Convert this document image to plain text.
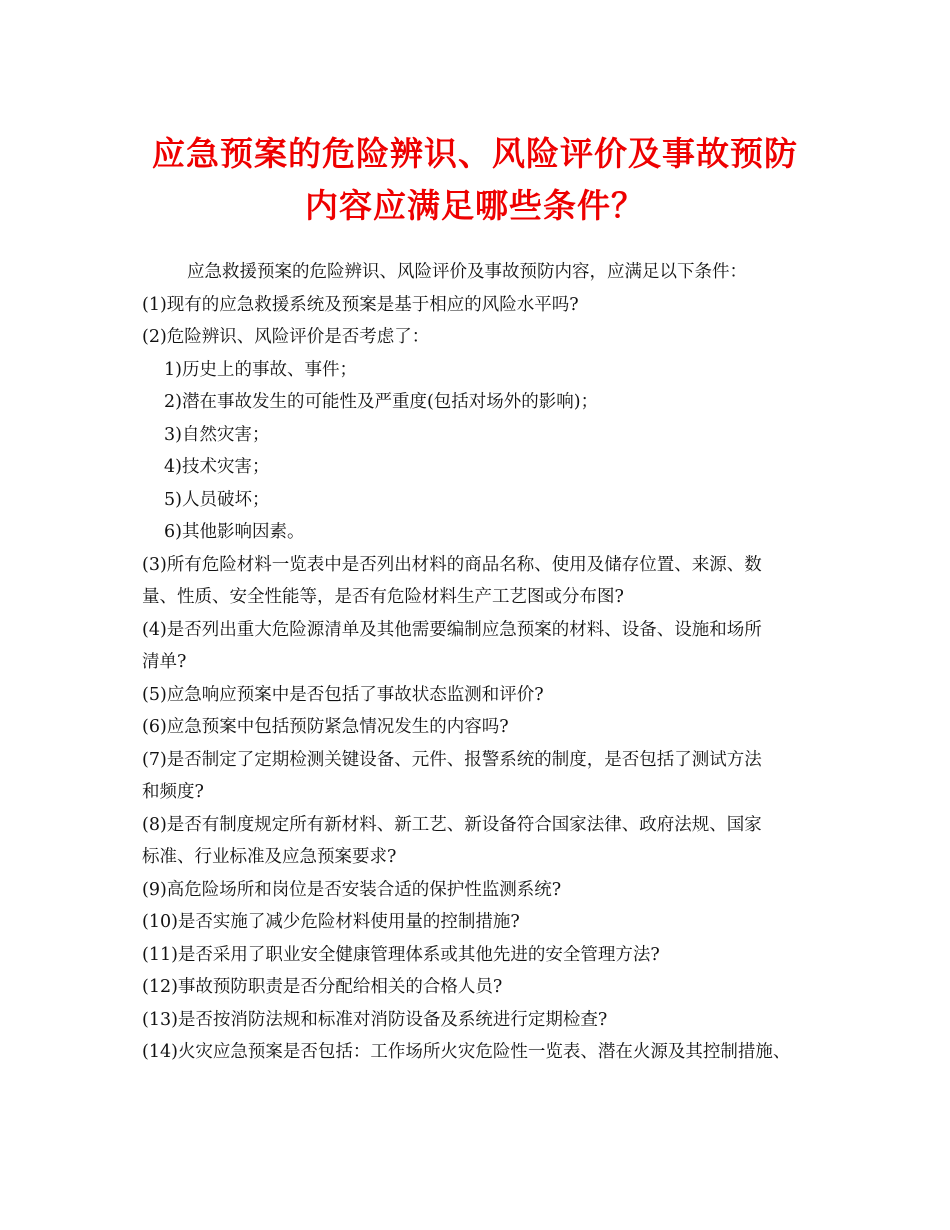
应急预案的危险辨识、风险评价及事故预防
内容应满足哪些条件？
应急救援预案的危险辨识、风险评价及事故预防内容，应满足以下条件：
(1)现有的应急救援系统及预案是基于相应的风险水平吗?
(2)危险辨识、风险评价是否考虑了：
1)历史上的事故、事件；
2)潜在事故发生的可能性及严重度(包括对场外的影响)；
3)自然灾害；
4)技术灾害；
5)人员破坏；
6)其他影响因素。
(3)所有危险材料一览表中是否列出材料的商品名称、使用及储存位置、来源、数
量、性质、安全性能等，是否有危险材料生产工艺图或分布图?
(4)是否列出重大危险源清单及其他需要编制应急预案的材料、设备、设施和场所
清单?
(5)应急响应预案中是否包括了事故状态监测和评价?
(6)应急预案中包括预防紧急情况发生的内容吗?
(7)是否制定了定期检测关键设备、元件、报警系统的制度，是否包括了测试方法
和频度?
(8)是否有制度规定所有新材料、新工艺、新设备符合国家法律、政府法规、国家
标准、行业标准及应急预案要求?
(9)高危险场所和岗位是否安装合适的保护性监测系统?
(10)是否实施了减少危险材料使用量的控制措施?
(11)是否采用了职业安全健康管理体系或其他先进的安全管理方法?
(12)事故预防职责是否分配给相关的合格人员?
(13)是否按消防法规和标准对消防设备及系统进行定期检查?
(14)火灾应急预案是否包括：工作场所火灾危险性一览表、潜在火源及其控制措施、
